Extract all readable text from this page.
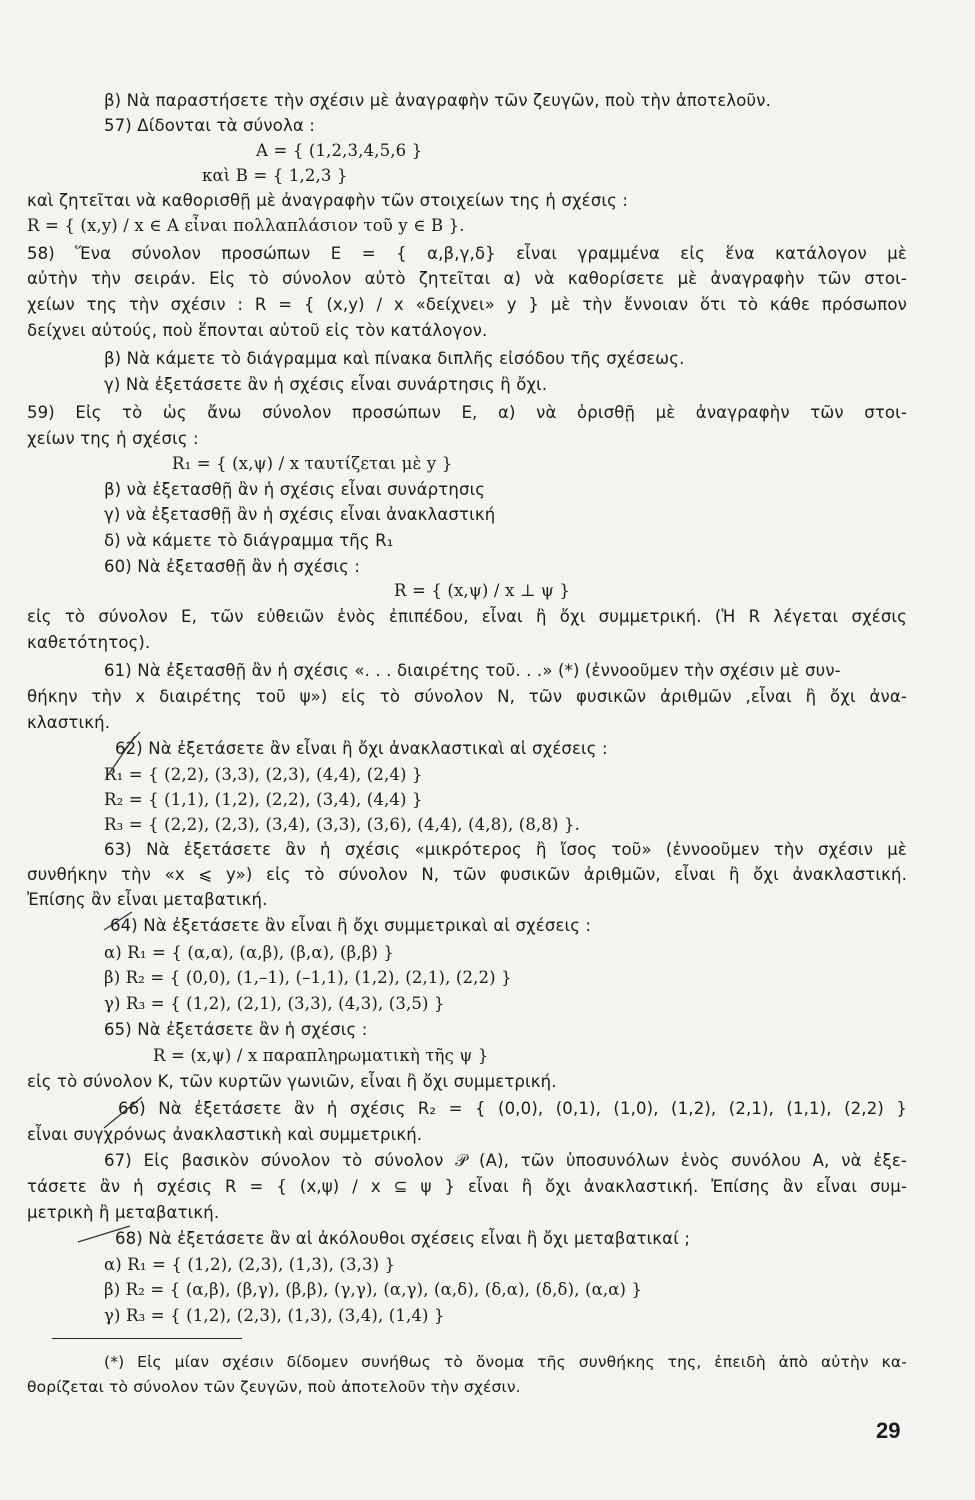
β) Νὰ παραστήσετε τὴν σχέσιν μὲ ἀναγραφὴν τῶν ζευγῶν, ποὺ τὴν ἀποτελοῦν.
57) Δίδονται τὰ σύνολα :
A = { (1,2,3,4,5,6 }
καὶ B = { 1,2,3 }
καὶ ζητεῖται νὰ καθορισθῇ μὲ ἀναγραφὴν τῶν στοιχείων της ἡ σχέσις :
R = { (x,y) / x ∈ A εἶναι πολλαπλάσιον τοῦ y ∈ B }.
58) Ἕνα σύνολον προσώπων E = { α,β,γ,δ} εἶναι γραμμένα εἰς ἕνα κατάλογον μὲ
αὐτὴν τὴν σειράν. Εἰς τὸ σύνολον αὐτὸ ζητεῖται α) νὰ καθορίσετε μὲ ἀναγραφὴν τῶν στοι-
χείων της τὴν σχέσιν : R = { (x,y) / x «δείχνει» y } μὲ τὴν ἔννοιαν ὅτι τὸ κάθε πρόσωπον
δείχνει αὐτούς, ποὺ ἕπονται αὐτοῦ εἰς τὸν κατάλογον.
β) Νὰ κάμετε τὸ διάγραμμα καὶ πίνακα διπλῆς εἰσόδου τῆς σχέσεως.
γ) Νὰ ἐξετάσετε ἂν ἡ σχέσις εἶναι συνάρτησις ἢ ὄχι.
59) Εἰς τὸ ὡς ἄνω σύνολον προσώπων E, α) νὰ ὁρισθῇ μὲ ἀναγραφὴν τῶν στοι-
χείων της ἡ σχέσις :
R₁ = { (x,ψ) / x ταυτίζεται μὲ y }
β) νὰ ἐξετασθῇ ἂν ἡ σχέσις εἶναι συνάρτησις
γ) νὰ ἐξετασθῇ ἂν ἡ σχέσις εἶναι ἀνακλαστική
δ) νὰ κάμετε τὸ διάγραμμα τῆς R₁
60) Νὰ ἐξετασθῇ ἂν ἡ σχέσις :
R = { (x,ψ) / x ⊥ ψ }
εἰς τὸ σύνολον E, τῶν εὐθειῶν ἑνὸς ἐπιπέδου, εἶναι ἢ ὄχι συμμετρική. (Ἡ R λέγεται σχέσις
καθετότητος).
61) Νὰ ἐξετασθῇ ἂν ἡ σχέσις «. . . διαιρέτης τοῦ. . .» (*) (ἐννοοῦμεν τὴν σχέσιν μὲ συν-
θήκην τὴν x διαιρέτης τοῦ ψ») εἰς τὸ σύνολον N, τῶν φυσικῶν ἀριθμῶν ,εἶναι ἢ ὄχι ἀνα-
κλαστική.
62) Νὰ ἐξετάσετε ἂν εἶναι ἢ ὄχι ἀνακλαστικαὶ αἱ σχέσεις :
R₁ = { (2,2), (3,3), (2,3), (4,4), (2,4) }
R₂ = { (1,1), (1,2), (2,2), (3,4), (4,4) }
R₃ = { (2,2), (2,3), (3,4), (3,3), (3,6), (4,4), (4,8), (8,8) }.
63) Νὰ ἐξετάσετε ἂν ἡ σχέσις «μικρότερος ἢ ἴσος τοῦ» (ἐννοοῦμεν τὴν σχέσιν μὲ
συνθήκην τὴν «x ⩽ y») εἰς τὸ σύνολον N, τῶν φυσικῶν ἀριθμῶν, εἶναι ἢ ὄχι ἀνακλαστική.
Ἐπίσης ἂν εἶναι μεταβατική.
64) Νὰ ἐξετάσετε ἂν εἶναι ἢ ὄχι συμμετρικαὶ αἱ σχέσεις :
α) R₁ = { (α,α), (α,β), (β,α), (β,β) }
β) R₂ = { (0,0), (1,–1), (–1,1), (1,2), (2,1), (2,2) }
γ) R₃ = { (1,2), (2,1), (3,3), (4,3), (3,5) }
65) Νὰ ἐξετάσετε ἂν ἡ σχέσις :
R = (x,ψ) / x παραπληρωματικὴ τῆς ψ }
εἰς τὸ σύνολον K, τῶν κυρτῶν γωνιῶν, εἶναι ἢ ὄχι συμμετρική.
66) Νὰ ἐξετάσετε ἂν ἡ σχέσις R₂ = { (0,0), (0,1), (1,0), (1,2), (2,1), (1,1), (2,2) }
εἶναι συγχρόνως ἀνακλαστικὴ καὶ συμμετρική.
67) Εἰς βασικὸν σύνολον τὸ σύνολον 𝒫 (A), τῶν ὑποσυνόλων ἑνὸς συνόλου A, νὰ ἐξε-
τάσετε ἂν ἡ σχέσις R = { (x,ψ) / x ⊆ ψ } εἶναι ἢ ὄχι ἀνακλαστική. Ἐπίσης ἂν εἶναι συμ-
μετρικὴ ἢ μεταβατική.
68) Νὰ ἐξετάσετε ἂν αἱ ἀκόλουθοι σχέσεις εἶναι ἢ ὄχι μεταβατικαί ;
α) R₁ = { (1,2), (2,3), (1,3), (3,3) }
β) R₂ = { (α,β), (β,γ), (β,β), (γ,γ), (α,γ), (α,δ), (δ,α), (δ,δ), (α,α) }
γ) R₃ = { (1,2), (2,3), (1,3), (3,4), (1,4) }
(*) Εἰς μίαν σχέσιν δίδομεν συνήθως τὸ ὄνομα τῆς συνθήκης της, ἐπειδὴ ἀπὸ αὐτὴν κα-
θορίζεται τὸ σύνολον τῶν ζευγῶν, ποὺ ἀποτελοῦν τὴν σχέσιν.
29
